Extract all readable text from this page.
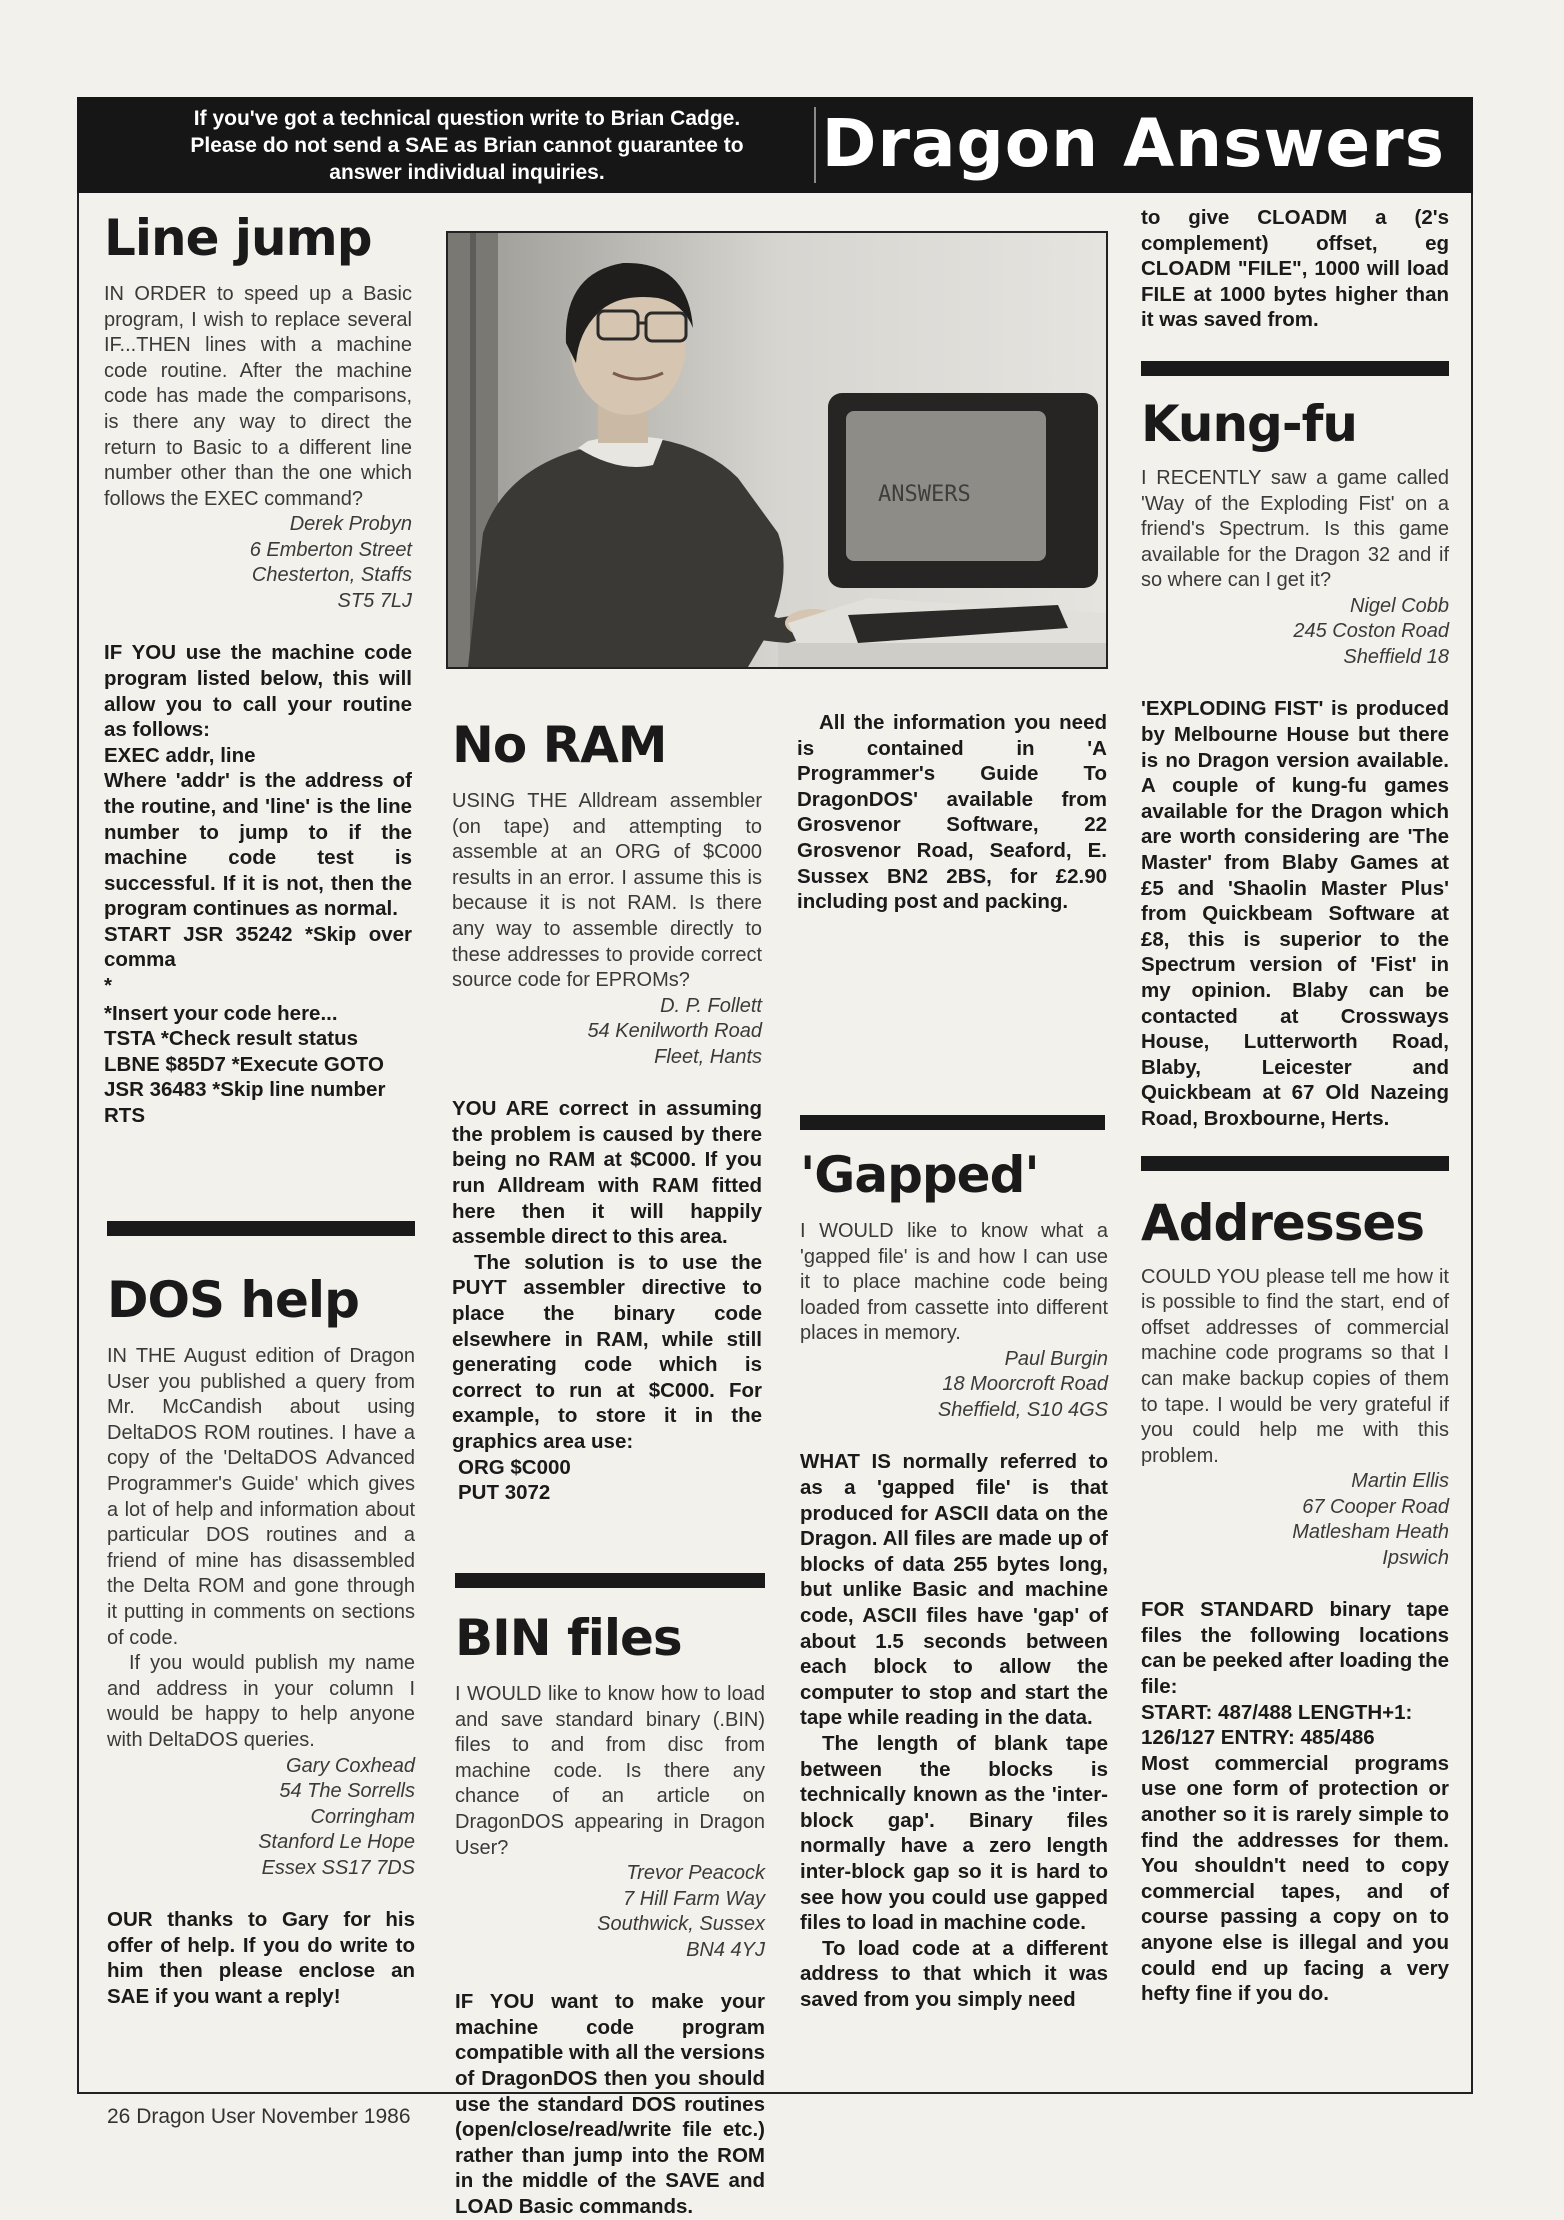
If you've got a technical question write to Brian Cadge.
Please do not send a SAE as Brian cannot guarantee to
answer individual inquiries.	Dragon Answers
Line jump

IN ORDER to speed up a Basic program, I wish to replace several IF...THEN lines with a machine code routine. After the machine code has made the comparisons, is there any way to direct the return to Basic to a different line number other than the one which follows the EXEC command?

Derek Probyn
6 Emberton Street
Chesterton, Staffs
ST5 7LJ

IF YOU use the machine code program listed below, this will allow you to call your routine as follows:

EXEC addr, line

Where 'addr' is the address of the routine, and 'line' is the line number to jump to if the machine code test is successful. If it is not, then the program continues as normal.

START JSR 35242 *Skip over comma

*

*Insert your code here...

TSTA *Check result status

LBNE $85D7 *Execute GOTO

JSR 36483 *Skip line number

RTS

DOS help

IN THE August edition of Dragon User you published a query from Mr. McCandish about using DeltaDOS ROM routines. I have a copy of the 'DeltaDOS Advanced Programmer's Guide' which gives a lot of help and information about particular DOS routines and a friend of mine has disassembled the Delta ROM and gone through it putting in comments on sections of code.

If you would publish my name and address in your column I would be happy to help anyone with DeltaDOS queries.

Gary Coxhead
54 The Sorrells
Corringham
Stanford Le Hope
Essex SS17 7DS

OUR thanks to Gary for his offer of help. If you do write to him then please enclose an SAE if you want a reply!

ANSWERS
No RAM

USING THE Alldream assembler (on tape) and attempting to assemble at an ORG of $C000 results in an error. I assume this is because it is not RAM. Is there any way to assemble directly to these addresses to provide correct source code for EPROMs?

D. P. Follett
54 Kenilworth Road
Fleet, Hants

YOU ARE correct in assuming the problem is caused by there being no RAM at $C000. If you run Alldream with RAM fitted here then it will happily assemble direct to this area.

The solution is to use the PUYT assembler directive to place the binary code elsewhere in RAM, while still generating code which is correct to run at $C000. For example, to store it in the graphics area use:

ORG $C000

PUT 3072

BIN files

I WOULD like to know how to load and save standard binary (.BIN) files to and from disc from machine code. Is there any chance of an article on DragonDOS appearing in Dragon User?

Trevor Peacock
7 Hill Farm Way
Southwick, Sussex
BN4 4YJ

IF YOU want to make your machine code program compatible with all the versions of DragonDOS then you should use the standard DOS routines (open/close/read/write file etc.) rather than jump into the ROM in the middle of the SAVE and LOAD Basic commands.

All the information you need is contained in 'A Programmer's Guide To DragonDOS' available from Grosvenor Software, 22 Grosvenor Road, Seaford, E. Sussex BN2 2BS, for £2.90 including post and packing.

'Gapped'

I WOULD like to know what a 'gapped file' is and how I can use it to place machine code being loaded from cassette into different places in memory.

Paul Burgin
18 Moorcroft Road
Sheffield, S10 4GS

WHAT IS normally referred to as a 'gapped file' is that produced for ASCII data on the Dragon. All files are made up of blocks of data 255 bytes long, but unlike Basic and machine code, ASCII files have 'gap' of about 1.5 seconds between each block to allow the computer to stop and start the tape while reading in the data.

The length of blank tape between the blocks is technically known as the 'inter-block gap'. Binary files normally have a zero length inter-block gap so it is hard to see how you could use gapped files to load in machine code.

To load code at a different address to that which it was saved from you simply need

to give CLOADM a (2's complement) offset, eg CLOADM "FILE", 1000 will load FILE at 1000 bytes higher than it was saved from.

Kung-fu

I RECENTLY saw a game called 'Way of the Exploding Fist' on a friend's Spectrum. Is this game available for the Dragon 32 and if so where can I get it?

Nigel Cobb
245 Coston Road
Sheffield 18

'EXPLODING FIST' is produced by Melbourne House but there is no Dragon version available. A couple of kung-fu games available for the Dragon which are worth considering are 'The Master' from Blaby Games at £5 and 'Shaolin Master Plus' from Quickbeam Software at £8, this is superior to the Spectrum version of 'Fist' in my opinion. Blaby can be contacted at Crossways House, Lutterworth Road, Blaby, Leicester and Quickbeam at 67 Old Nazeing Road, Broxbourne, Herts.

Addresses

COULD YOU please tell me how it is possible to find the start, end of offset addresses of commercial machine code programs so that I can make backup copies of them to tape. I would be very grateful if you could help me with this problem.

Martin Ellis
67 Cooper Road
Matlesham Heath
Ipswich

FOR STANDARD binary tape files the following locations can be peeked after loading the file:

START: 487/488 LENGTH+1:

126/127 ENTRY: 485/486

Most commercial programs use one form of protection or another so it is rarely simple to find the addresses for them. You shouldn't need to copy commercial tapes, and of course passing a copy on to anyone else is illegal and you could end up facing a very hefty fine if you do.

26 Dragon User November 1986
